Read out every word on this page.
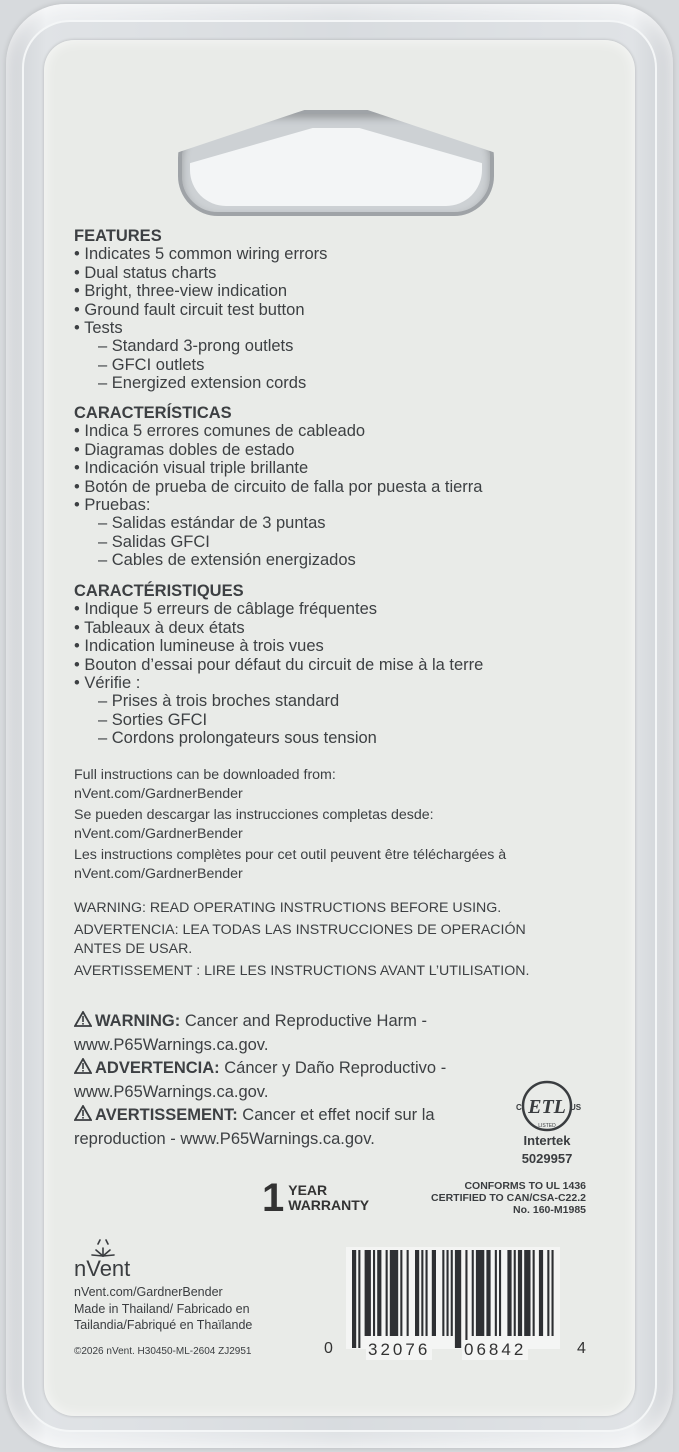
FEATURES
• Indicates 5 common wiring errors
• Dual status charts
• Bright, three-view indication
• Ground fault circuit test button
• Tests
– Standard 3-prong outlets
– GFCI outlets
– Energized extension cords
CARACTERÍSTICAS
• Indica 5 errores comunes de cableado
• Diagramas dobles de estado
• Indicación visual triple brillante
• Botón de prueba de circuito de falla por puesta a tierra
• Pruebas:
– Salidas estándar de 3 puntas
– Salidas GFCI
– Cables de extensión energizados
CARACTÉRISTIQUES
• Indique 5 erreurs de câblage fréquentes
• Tableaux à deux états
• Indication lumineuse à trois vues
• Bouton d’essai pour défaut du circuit de mise à la terre
• Vérifie :
– Prises à trois broches standard
– Sorties GFCI
– Cordons prolongateurs sous tension
Full instructions can be downloaded from:
nVent.com/GardnerBender
Se pueden descargar las instrucciones completas desde:
nVent.com/GardnerBender
Les instructions complètes pour cet outil peuvent être téléchargées à
nVent.com/GardnerBender
WARNING: READ OPERATING INSTRUCTIONS BEFORE USING.
ADVERTENCIA: LEA TODAS LAS INSTRUCCIONES DE OPERACIÓN
ANTES DE USAR.
AVERTISSEMENT : LIRE LES INSTRUCTIONS AVANT L’UTILISATION.
WARNING: Cancer and Reproductive Harm -
www.P65Warnings.ca.gov.
ADVERTENCIA: Cáncer y Daño Reproductivo -
www.P65Warnings.ca.gov.
AVERTISSEMENT: Cancer et effet nocif sur la
reproduction - www.P65Warnings.ca.gov.
ETL
LISTED
C	US
Intertek
5029957
1 YEAR
WARRANTY
CONFORMS TO UL 1436
CERTIFIED TO CAN/CSA-C22.2
No. 160-M1985
nVent
nVent.com/GardnerBender
Made in Thailand/ Fabricado en
Tailandia/Fabriqué en Thaïlande
©2026 nVent. H30450-ML-2604 ZJ2951	0 32076 06842	4
